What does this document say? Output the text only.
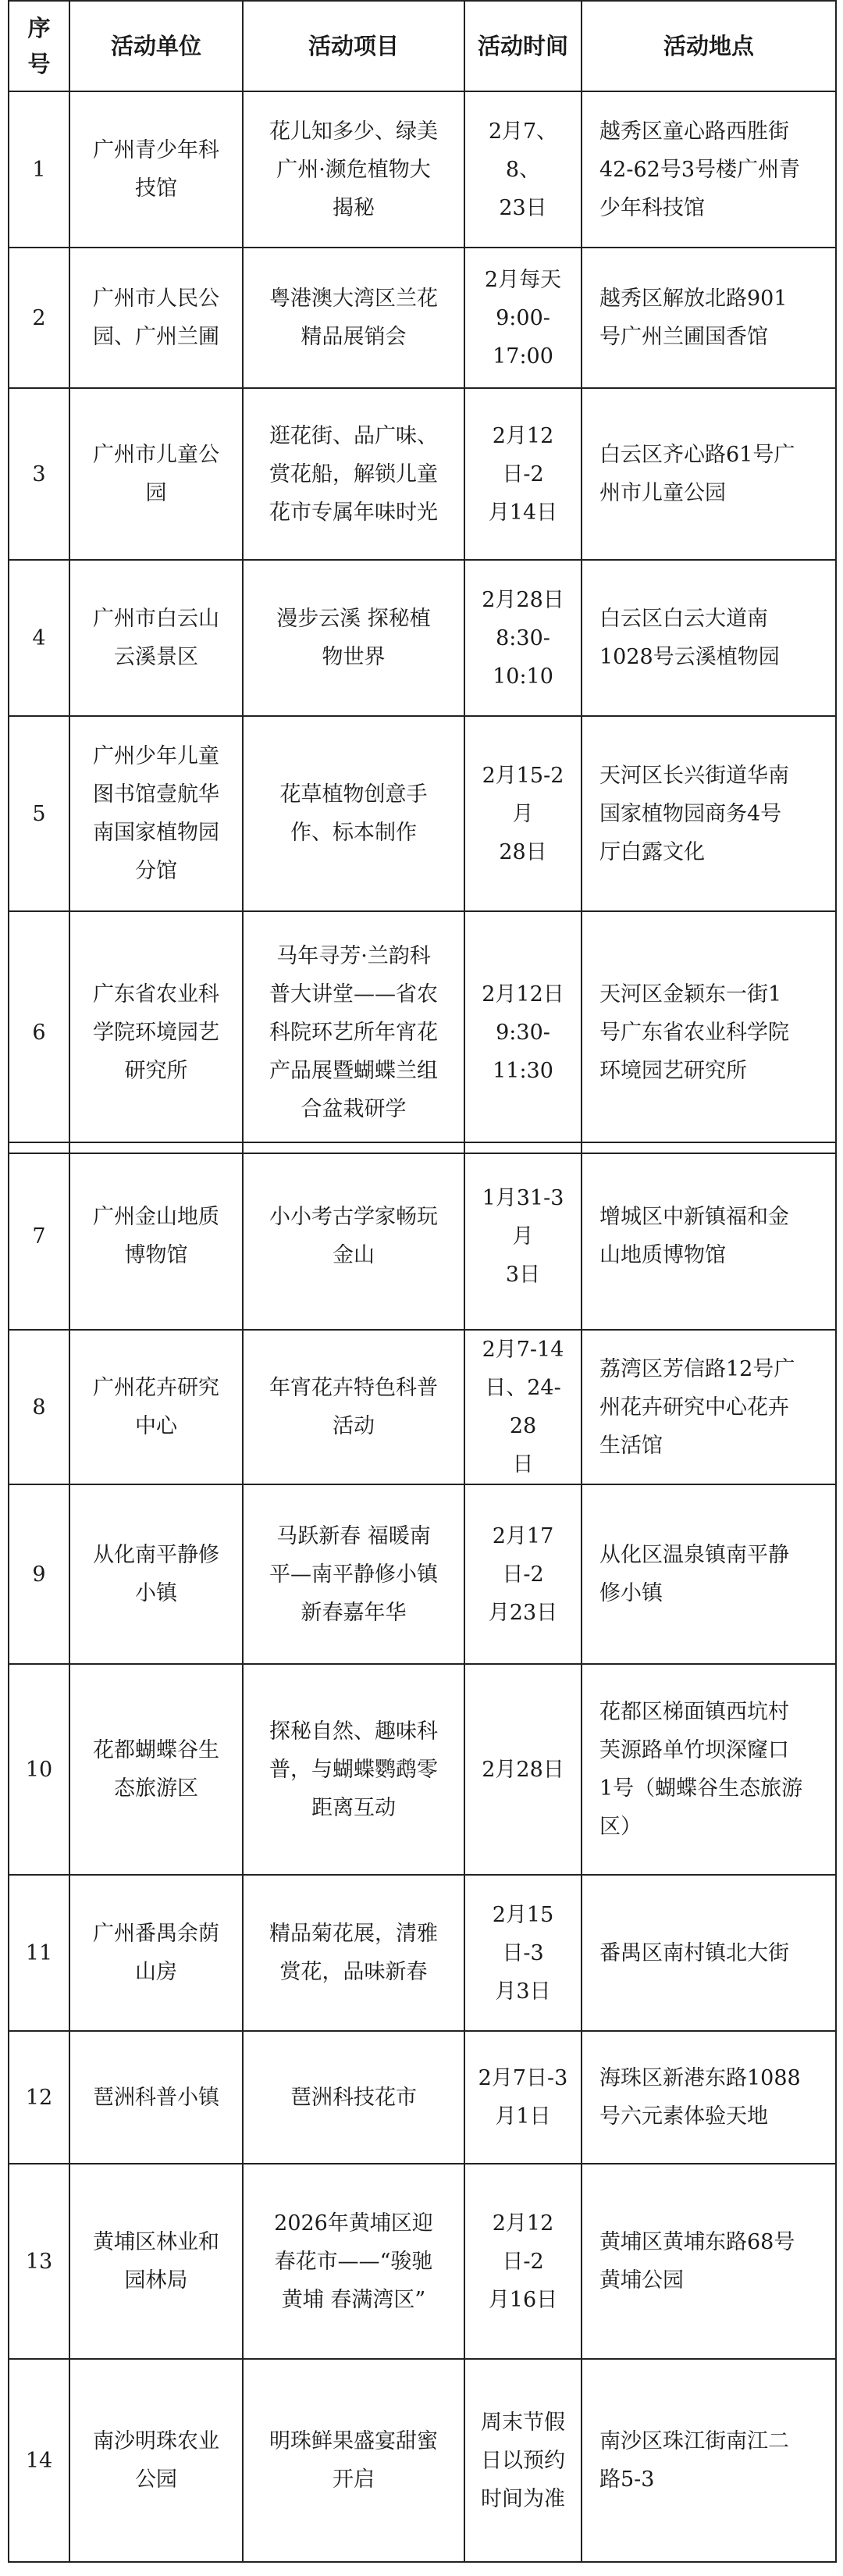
序
号	活动单位	活动项目	活动时间	活动地点
1	广州青少年科
技馆	花儿知多少、绿美
广州·濒危植物大
揭秘	2月7、8、
23日	越秀区童心路西胜街
42-62号3号楼广州青
少年科技馆
2	广州市人民公
园、广州兰圃	粤港澳大湾区兰花
精品展销会	2月每天
9:00-17:00	越秀区解放北路901
号广州兰圃国香馆
3	广州市儿童公
园	逛花街、品广味、
赏花船，解锁儿童
花市专属年味时光	2月12日-2
月14日	白云区齐心路61号广
州市儿童公园
4	广州市白云山
云溪景区	漫步云溪 探秘植
物世界	2月28日
8:30-10:10	白云区白云大道南
1028号云溪植物园
5	广州少年儿童
图书馆壹航华
南国家植物园
分馆	花草植物创意手
作、标本制作	2月15-2月
28日	天河区长兴街道华南
国家植物园商务4号
厅白露文化
6	广东省农业科
学院环境园艺
研究所	马年寻芳·兰韵科
普大讲堂——省农
科院环艺所年宵花
产品展暨蝴蝶兰组
合盆栽研学	2月12日
9:30-11:30	天河区金颖东一街1
号广东省农业科学院
环境园艺研究所
7	广州金山地质
博物馆	小小考古学家畅玩
金山	1月31-3月
3日	增城区中新镇福和金
山地质博物馆
8	广州花卉研究
中心	年宵花卉特色科普
活动	2月7-14
日、24-28
日	荔湾区芳信路12号广
州花卉研究中心花卉
生活馆
9	从化南平静修
小镇	马跃新春 福暖南
平—南平静修小镇
新春嘉年华	2月17日-2
月23日	从化区温泉镇南平静
修小镇
10	花都蝴蝶谷生
态旅游区	探秘自然、趣味科
普，与蝴蝶鹦鹉零
距离互动	2月28日	花都区梯面镇西坑村
芙源路单竹坝深窿口
1号（蝴蝶谷生态旅游
区）
11	广州番禺余荫
山房	精品菊花展，清雅
赏花，品味新春	2月15日-3
月3日	番禺区南村镇北大街
12	琶洲科普小镇	琶洲科技花市	2月7日-3
月1日	海珠区新港东路1088
号六元素体验天地
13	黄埔区林业和
园林局	2026年黄埔区迎
春花市——“骏驰
黄埔 春满湾区”	2月12日-2
月16日	黄埔区黄埔东路68号
黄埔公园
14	南沙明珠农业
公园	明珠鲜果盛宴甜蜜
开启	周末节假
日以预约
时间为准	南沙区珠江街南江二
路5-3
